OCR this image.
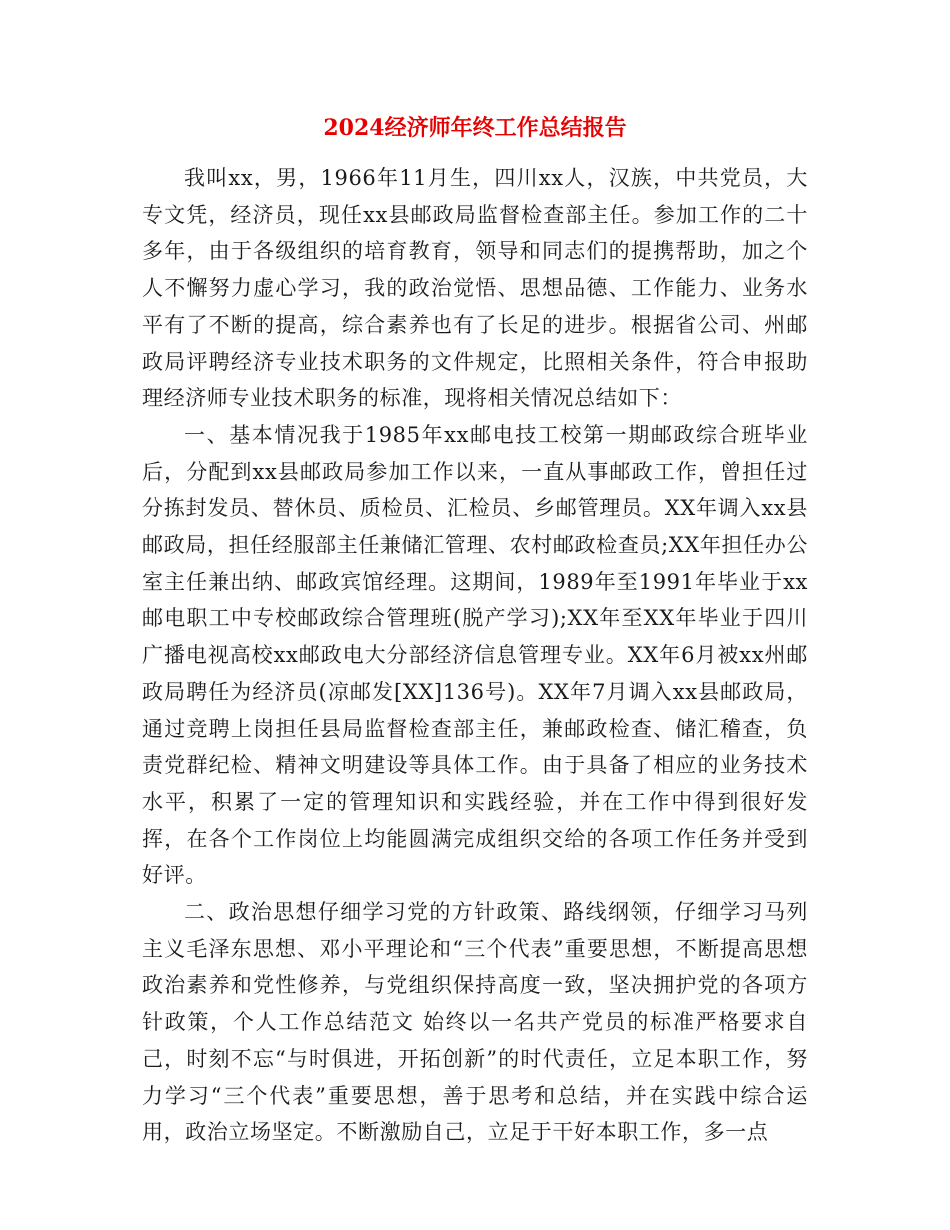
2024经济师年终工作总结报告

我叫xx，男，1966年11月生，四川xx人，汉族，中共党员，大专文凭，经济员，现任xx县邮政局监督检查部主任。参加工作的二十多年，由于各级组织的培育教育，领导和同志们的提携帮助，加之个人不懈努力虚心学习，我的政治觉悟、思想品德、工作能力、业务水平有了不断的提高，综合素养也有了长足的进步。根据省公司、州邮政局评聘经济专业技术职务的文件规定，比照相关条件，符合申报助理经济师专业技术职务的标准，现将相关情况总结如下：

一、基本情况我于1985年xx邮电技工校第一期邮政综合班毕业后，分配到xx县邮政局参加工作以来，一直从事邮政工作，曾担任过分拣封发员、替休员、质检员、汇检员、乡邮管理员。XX年调入xx县邮政局，担任经服部主任兼储汇管理、农村邮政检查员;XX年担任办公室主任兼出纳、邮政宾馆经理。这期间，1989年至1991年毕业于xx邮电职工中专校邮政综合管理班(脱产学习);XX年至XX年毕业于四川广播电视高校xx邮政电大分部经济信息管理专业。XX年6月被xx州邮政局聘任为经济员(凉邮发[XX]136号)。XX年7月调入xx县邮政局，通过竞聘上岗担任县局监督检查部主任，兼邮政检查、储汇稽查，负责党群纪检、精神文明建设等具体工作。由于具备了相应的业务技术水平，积累了一定的管理知识和实践经验，并在工作中得到很好发挥，在各个工作岗位上均能圆满完成组织交给的各项工作任务并受到好评。

二、政治思想仔细学习党的方针政策、路线纲领，仔细学习马列主义毛泽东思想、邓小平理论和“三个代表”重要思想，不断提高思想政治素养和党性修养，与党组织保持高度一致，坚决拥护党的各项方针政策，个人工作总结范文 始终以一名共产党员的标准严格要求自己，时刻不忘“与时俱进，开拓创新”的时代责任，立足本职工作，努力学习“三个代表”重要思想，善于思考和总结，并在实践中综合运用，政治立场坚定。不断激励自己，立足于干好本职工作，多一点
